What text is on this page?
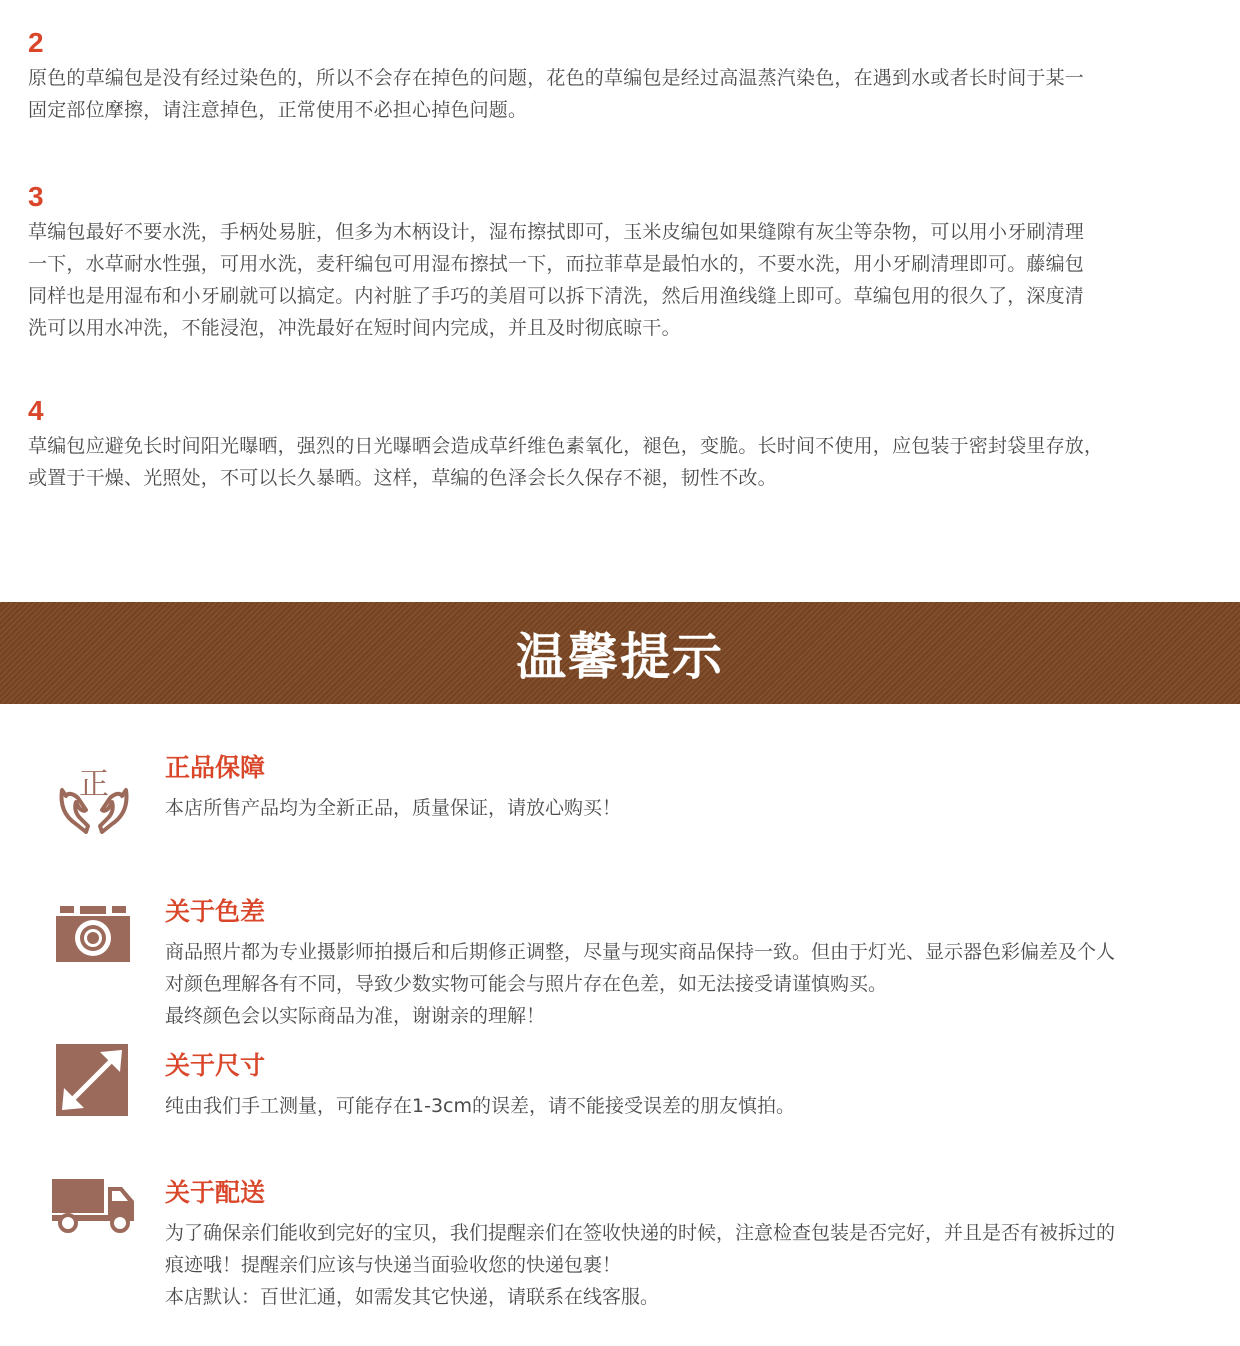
2

原色的草编包是没有经过染色的，所以不会存在掉色的问题，花色的草编包是经过高温蒸汽染色，在遇到水或者长时间于某一

固定部位摩擦，请注意掉色，正常使用不必担心掉色问题。

3

草编包最好不要水洗，手柄处易脏，但多为木柄设计，湿布擦拭即可，玉米皮编包如果缝隙有灰尘等杂物，可以用小牙刷清理

一下，水草耐水性强，可用水洗，麦秆编包可用湿布擦拭一下，而拉菲草是最怕水的，不要水洗，用小牙刷清理即可。藤编包

同样也是用湿布和小牙刷就可以搞定。内衬脏了手巧的美眉可以拆下清洗，然后用渔线缝上即可。草编包用的很久了，深度清

洗可以用水冲洗，不能浸泡，冲洗最好在短时间内完成，并且及时彻底晾干。

4

草编包应避免长时间阳光曝晒，强烈的日光曝晒会造成草纤维色素氧化，褪色，变脆。长时间不使用，应包装于密封袋里存放，

或置于干燥、光照处，不可以长久暴晒。这样，草编的色泽会长久保存不褪，韧性不改。

温馨提示
正 正品保障

本店所售产品均为全新正品，质量保证，请放心购买！

关于色差

商品照片都为专业摄影师拍摄后和后期修正调整，尽量与现实商品保持一致。但由于灯光、显示器色彩偏差及个人

对颜色理解各有不同，导致少数实物可能会与照片存在色差，如无法接受请谨慎购买。

最终颜色会以实际商品为准，谢谢亲的理解！

关于尺寸

纯由我们手工测量，可能存在1-3cm的误差，请不能接受误差的朋友慎拍。

关于配送

为了确保亲们能收到完好的宝贝，我们提醒亲们在签收快递的时候，注意检查包装是否完好，并且是否有被拆过的

痕迹哦！提醒亲们应该与快递当面验收您的快递包裹！

本店默认：百世汇通，如需发其它快递，请联系在线客服。
